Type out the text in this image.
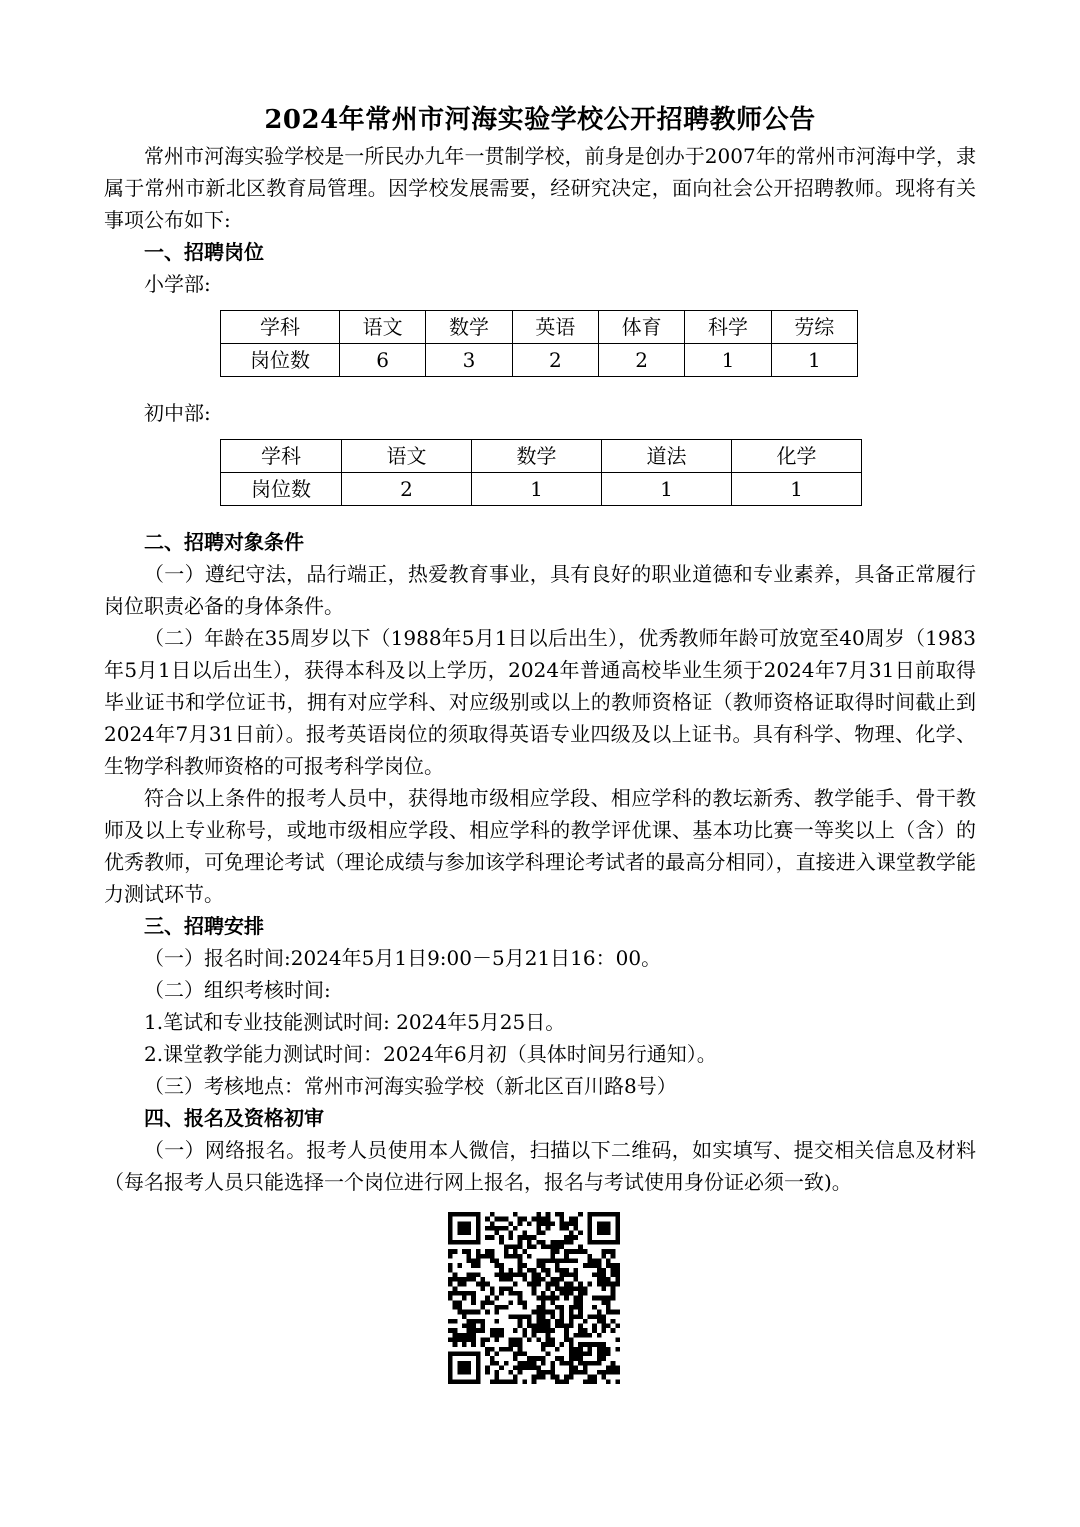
2024年常州市河海实验学校公开招聘教师公告

常州市河海实验学校是一所民办九年一贯制学校，前身是创办于2007年的常州市河海中学，隶属于常州市新北区教育局管理。因学校发展需要，经研究决定，面向社会公开招聘教师。现将有关事项公布如下:

一、招聘岗位
小学部:
学科	语文	数学	英语	体育	科学	劳综
岗位数	6	3	2	2	1	1
初中部:
学科	语文	数学	道法	化学
岗位数	2	1	1	1
二、招聘对象条件

（一）遵纪守法，品行端正，热爱教育事业，具有良好的职业道德和专业素养，具备正常履行岗位职责必备的身体条件。

（二）年龄在35周岁以下（1988年5月1日以后出生），优秀教师年龄可放宽至40周岁（1983年5月1日以后出生），获得本科及以上学历，2024年普通高校毕业生须于2024年7月31日前取得毕业证书和学位证书，拥有对应学科、对应级别或以上的教师资格证（教师资格证取得时间截止到2024年7月31日前）。报考英语岗位的须取得英语专业四级及以上证书。具有科学、物理、化学、生物学科教师资格的可报考科学岗位。

符合以上条件的报考人员中，获得地市级相应学段、相应学科的教坛新秀、教学能手、骨干教师及以上专业称号，或地市级相应学段、相应学科的教学评优课、基本功比赛一等奖以上（含）的优秀教师，可免理论考试（理论成绩与参加该学科理论考试者的最高分相同），直接进入课堂教学能力测试环节。

三、招聘安排

（一）报名时间:2024年5月1日9:00－5月21日16：00。

（二）组织考核时间:

1.笔试和专业技能测试时间: 2024年5月25日。

2.课堂教学能力测试时间：2024年6月初（具体时间另行通知）。

（三）考核地点：常州市河海实验学校（新北区百川路8号）

四、报名及资格初审

（一）网络报名。报考人员使用本人微信，扫描以下二维码，如实填写、提交相关信息及材料（每名报考人员只能选择一个岗位进行网上报名，报名与考试使用身份证必须一致)。
